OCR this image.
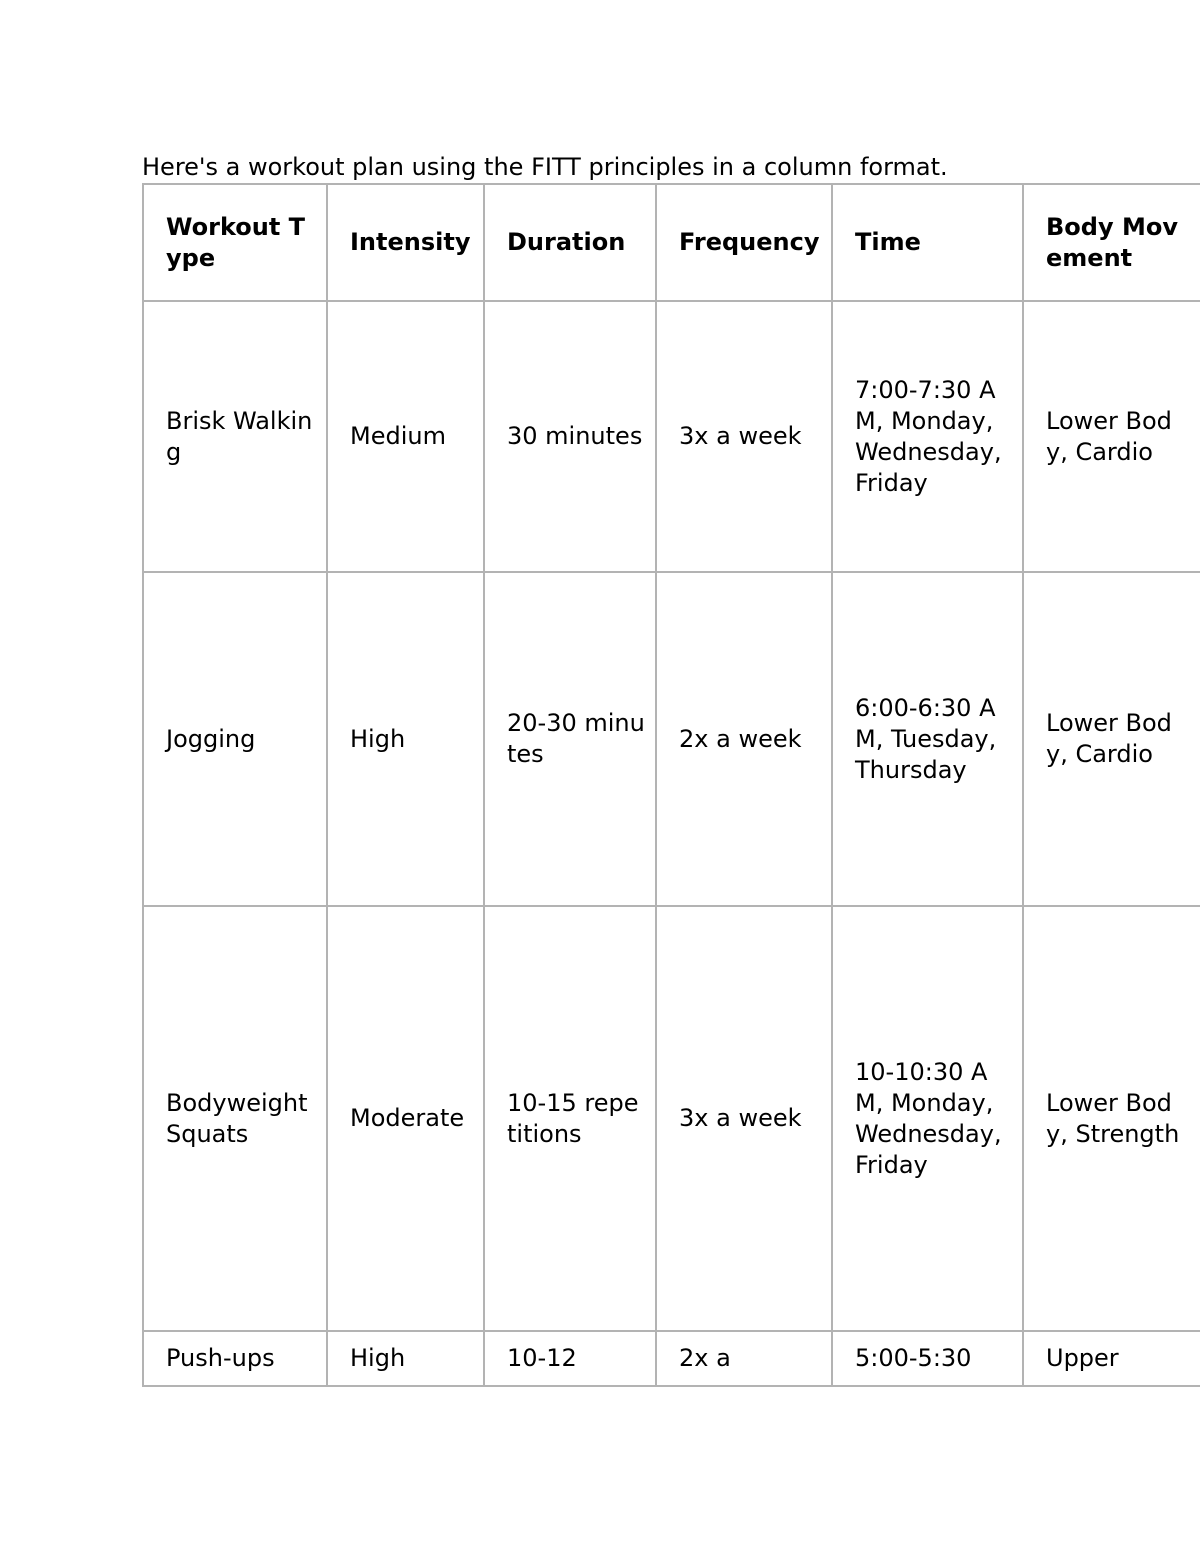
Here's a workout plan using the FITT principles in a column format.

Workout Type	Intensity	Duration	Frequency	Time	Body Movement
Brisk Walking	Medium	30 minutes	3x a week	7:00-7:30 AM, Monday, Wednesday, Friday	Lower Body, Cardio
Jogging	High	20-30 minutes	2x a week	6:00-6:30 AM, Tuesday, Thursday	Lower Body, Cardio
Bodyweight Squats	Moderate	10-15 repetitions	3x a week	10-10:30 AM, Monday, Wednesday, Friday	Lower Body, Strength

Push-ups	High	10-12	2x a	5:00-5:30	Upper
